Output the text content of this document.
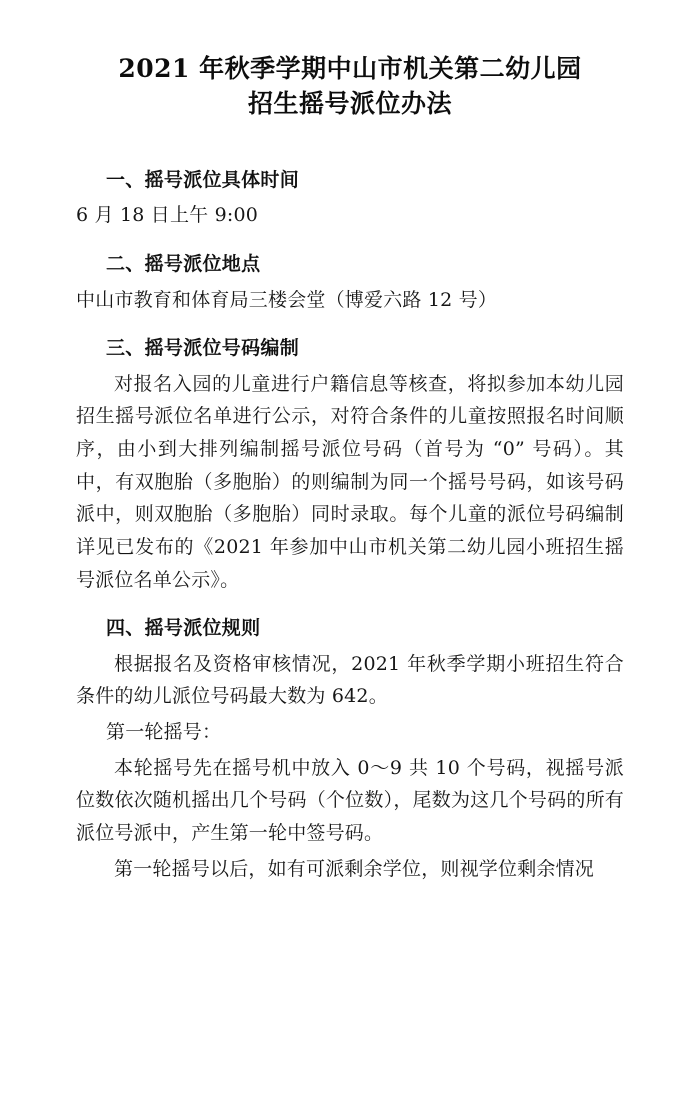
2021 年秋季学期中山市机关第二幼儿园
招生摇号派位办法
一、摇号派位具体时间

6 月 18 日上午 9:00

二、摇号派位地点

中山市教育和体育局三楼会堂（博爱六路 12 号）

三、摇号派位号码编制

对报名入园的儿童进行户籍信息等核查，将拟参加本幼儿园招生摇号派位名单进行公示，对符合条件的儿童按照报名时间顺序，由小到大排列编制摇号派位号码（首号为 “0” 号码）。其中，有双胞胎（多胞胎）的则编制为同一个摇号号码，如该号码派中，则双胞胎（多胞胎）同时录取。每个儿童的派位号码编制详见已发布的《2021 年参加中山市机关第二幼儿园小班招生摇号派位名单公示》。

四、摇号派位规则

根据报名及资格审核情况，2021 年秋季学期小班招生符合条件的幼儿派位号码最大数为 642。

第一轮摇号：

本轮摇号先在摇号机中放入 0～9 共 10 个号码，视摇号派位数依次随机摇出几个号码（个位数），尾数为这几个号码的所有派位号派中，产生第一轮中签号码。

第一轮摇号以后，如有可派剩余学位，则视学位剩余情况
